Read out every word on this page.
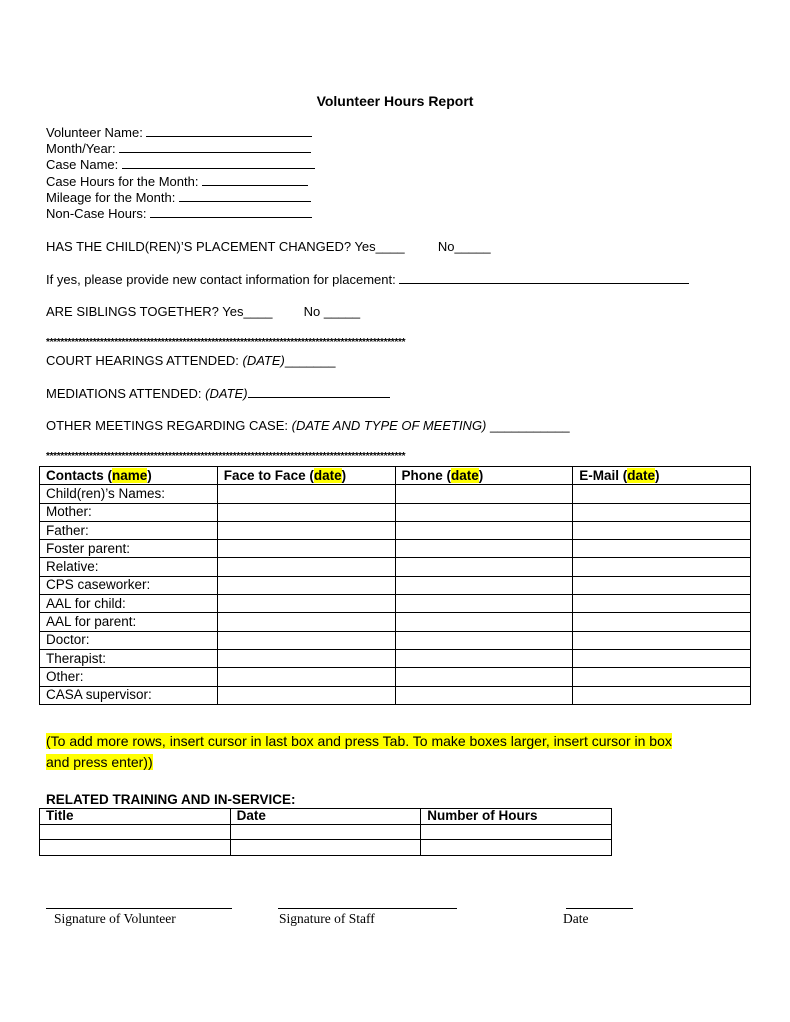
Volunteer Hours Report
Volunteer Name:
Month/Year:
Case Name:
Case Hours for the Month:
Mileage for the Month:
Non-Case Hours:
HAS THE CHILD(REN)’S PLACEMENT CHANGED? Yes____	No_____
If yes, please provide new contact information for placement:
ARE SIBLINGS TOGETHER? Yes____ No _____
****************************************************************************************************
COURT HEARINGS ATTENDED: (DATE)_______
MEDIATIONS ATTENDED: (DATE)
OTHER MEETINGS REGARDING CASE: (DATE AND TYPE OF MEETING) ___________
****************************************************************************************************
Contacts (name)	Face to Face (date)	Phone (date)	E-Mail (date)
Child(ren)’s Names:			
Mother:			
Father:			
Foster parent:			
Relative:			
CPS caseworker:			
AAL for child:			
AAL for parent:			
Doctor:			
Therapist:			
Other:			
CASA supervisor:			
(To add more rows, insert cursor in last box and press Tab. To make boxes larger, insert cursor in box
and press enter))
RELATED TRAINING AND IN-SERVICE:
Title	Date	Number of Hours

Signature of Volunteer	Signature of Staff	Date
